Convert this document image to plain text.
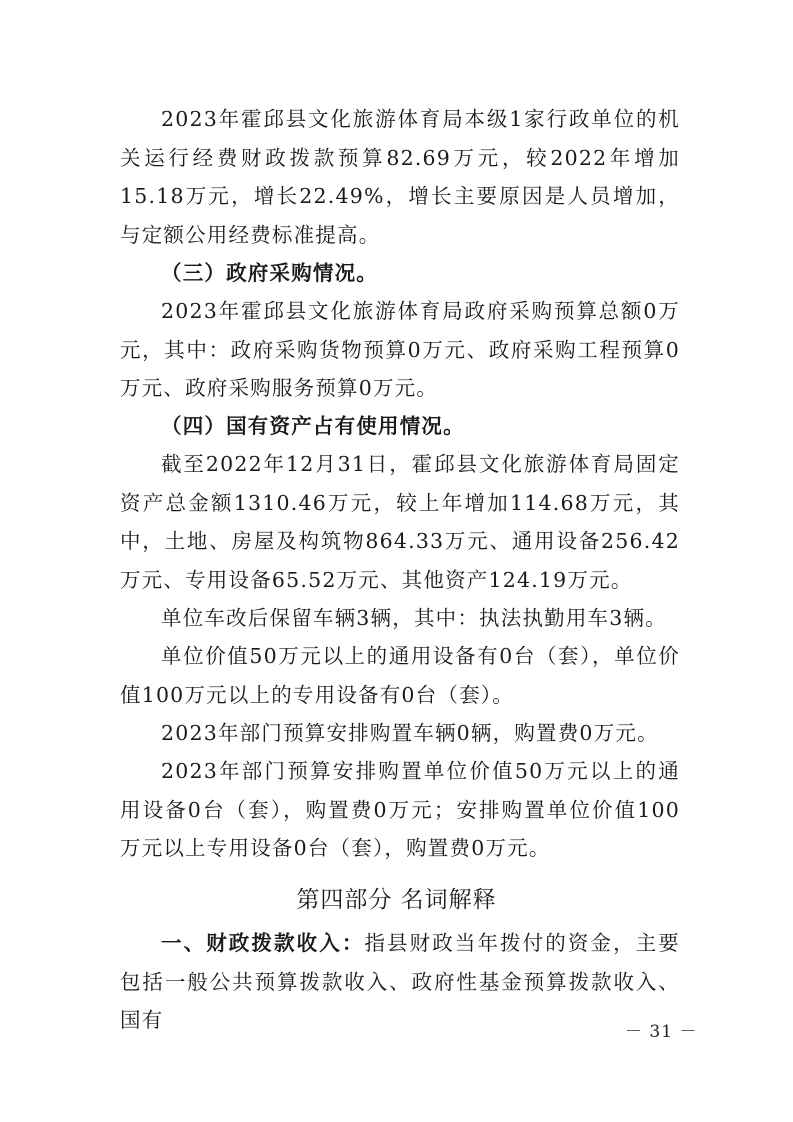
2023年霍邱县文化旅游体育局本级1家行政单位的机关运行经费财政拨款预算82.69万元，较2022年增加15.18万元，增长22.49%，增长主要原因是人员增加，与定额公用经费标准提高。

（三）政府采购情况。

2023年霍邱县文化旅游体育局政府采购预算总额0万元，其中：政府采购货物预算0万元、政府采购工程预算0万元、政府采购服务预算0万元。

（四）国有资产占有使用情况。

截至2022年12月31日，霍邱县文化旅游体育局固定资产总金额1310.46万元，较上年增加114.68万元，其中，土地、房屋及构筑物864.33万元、通用设备256.42万元、专用设备65.52万元、其他资产124.19万元。

单位车改后保留车辆3辆，其中：执法执勤用车3辆。

单位价值50万元以上的通用设备有0台（套），单位价值100万元以上的专用设备有0台（套）。

2023年部门预算安排购置车辆0辆，购置费0万元。

2023年部门预算安排购置单位价值50万元以上的通用设备0台（套），购置费0万元；安排购置单位价值100万元以上专用设备0台（套），购置费0万元。

第四部分 名词解释

一、财政拨款收入：指县财政当年拨付的资金，主要包括一般公共预算拨款收入、政府性基金预算拨款收入、国有	－ 31 －
